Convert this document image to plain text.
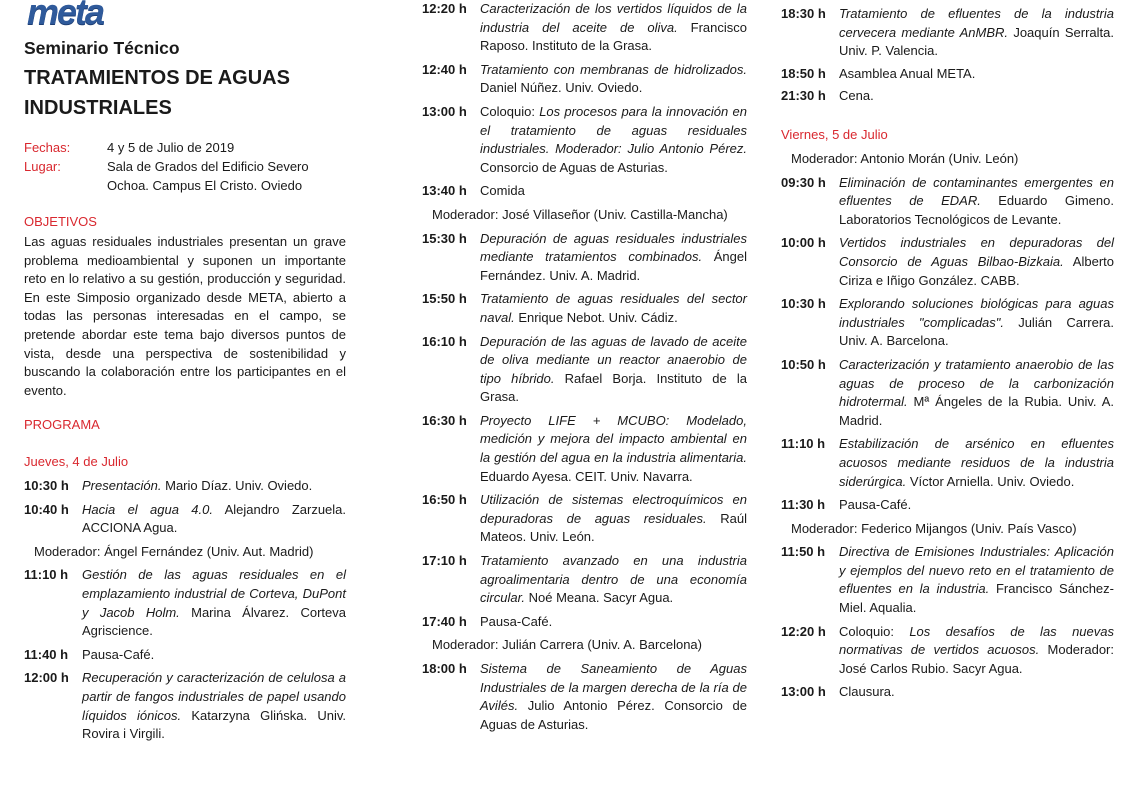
meta
Seminario Técnico
TRATAMIENTOS DE AGUAS INDUSTRIALES
Fechas:	4 y 5 de Julio de 2019
Lugar:	Sala de Grados del Edificio Severo Ochoa. Campus El Cristo. Oviedo
OBJETIVOS
Las aguas residuales industriales presentan un grave problema medioambiental y suponen un importante reto en lo relativo a su gestión, producción y seguridad. En este Simposio organizado desde META, abierto a todas las personas interesadas en el campo, se pretende abordar este tema bajo diversos puntos de vista, desde una perspectiva de sostenibilidad y buscando la colaboración entre los participantes en el evento.
PROGRAMA
Jueves, 4 de Julio
10:30 h	Presentación. Mario Díaz. Univ. Oviedo.
10:40 h	Hacia el agua 4.0. Alejandro Zarzuela. ACCIONA Agua.
Moderador: Ángel Fernández (Univ. Aut. Madrid)
11:10 h	Gestión de las aguas residuales en el emplazamiento industrial de Corteva, DuPont y Jacob Holm. Marina Álvarez. Corteva Agriscience.
11:40 h	Pausa-Café.
12:00 h	Recuperación y caracterización de celulosa a partir de fangos industriales de papel usando líquidos iónicos. Katarzyna Glińska. Univ. Rovira i Virgili.
12:20 h	Caracterización de los vertidos líquidos de la industria del aceite de oliva. Francisco Raposo. Instituto de la Grasa.
12:40 h	Tratamiento con membranas de hidrolizados. Daniel Núñez. Univ. Oviedo.
13:00 h	Coloquio: Los procesos para la innovación en el tratamiento de aguas residuales industriales. Moderador: Julio Antonio Pérez. Consorcio de Aguas de Asturias.
13:40 h	Comida
Moderador: José Villaseñor (Univ. Castilla-Mancha)
15:30 h	Depuración de aguas residuales industriales mediante tratamientos combinados. Ángel Fernández. Univ. A. Madrid.
15:50 h	Tratamiento de aguas residuales del sector naval. Enrique Nebot. Univ. Cádiz.
16:10 h	Depuración de las aguas de lavado de aceite de oliva mediante un reactor anaerobio de tipo híbrido. Rafael Borja. Instituto de la Grasa.
16:30 h	Proyecto LIFE + MCUBO: Modelado, medición y mejora del impacto ambiental en la gestión del agua en la industria alimentaria. Eduardo Ayesa. CEIT. Univ. Navarra.
16:50 h	Utilización de sistemas electroquímicos en depuradoras de aguas residuales. Raúl Mateos. Univ. León.
17:10 h	Tratamiento avanzado en una industria agroalimentaria dentro de una economía circular. Noé Meana. Sacyr Agua.
17:40 h	Pausa-Café.
Moderador: Julián Carrera (Univ. A. Barcelona)
18:00 h	Sistema de Saneamiento de Aguas Industriales de la margen derecha de la ría de Avilés. Julio Antonio Pérez. Consorcio de Aguas de Asturias.
18:30 h	Tratamiento de efluentes de la industria cervecera mediante AnMBR. Joaquín Serralta. Univ. P. Valencia.
18:50 h	Asamblea Anual META.
21:30 h	Cena.
Viernes, 5 de Julio
Moderador: Antonio Morán (Univ. León)
09:30 h	Eliminación de contaminantes emergentes en efluentes de EDAR. Eduardo Gimeno. Laboratorios Tecnológicos de Levante.
10:00 h	Vertidos industriales en depuradoras del Consorcio de Aguas Bilbao-Bizkaia. Alberto Ciriza e Iñigo González. CABB.
10:30 h	Explorando soluciones biológicas para aguas industriales "complicadas". Julián Carrera. Univ. A. Barcelona.
10:50 h	Caracterización y tratamiento anaerobio de las aguas de proceso de la carbonización hidrotermal. Mª Ángeles de la Rubia. Univ. A. Madrid.
11:10 h	Estabilización de arsénico en efluentes acuosos mediante residuos de la industria siderúrgica. Víctor Arniella. Univ. Oviedo.
11:30 h	Pausa-Café.
Moderador: Federico Mijangos (Univ. País Vasco)
11:50 h	Directiva de Emisiones Industriales: Aplicación y ejemplos del nuevo reto en el tratamiento de efluentes en la industria. Francisco Sánchez-Miel. Aqualia.
12:20 h	Coloquio: Los desafíos de las nuevas normativas de vertidos acuosos. Moderador: José Carlos Rubio. Sacyr Agua.
13:00 h	Clausura.
